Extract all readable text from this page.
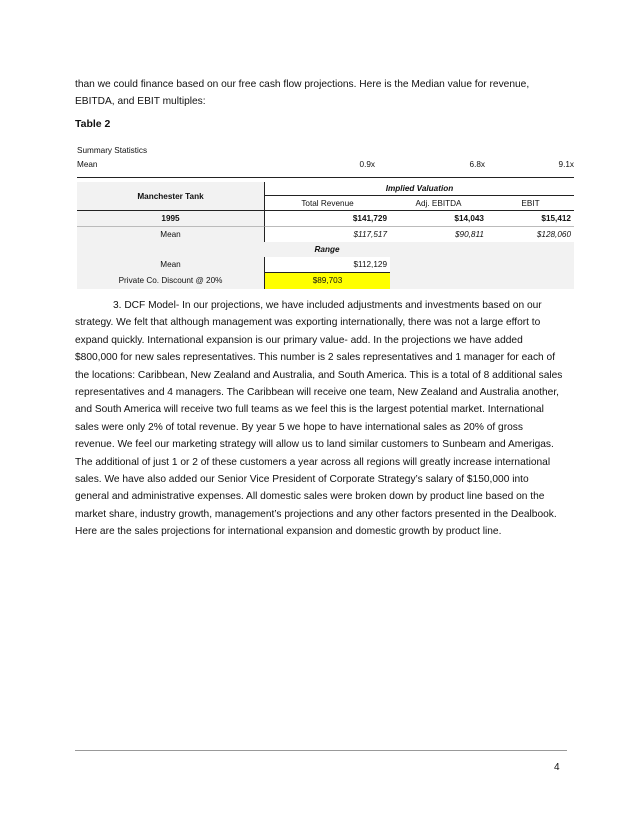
than we could finance based on our free cash flow projections. Here is the Median value for revenue, EBITDA, and EBIT multiples:
Table 2
Summary Statistics
Mean	0.9x	6.8x	9.1x
Manchester Tank
Implied Valuation
Total Revenue	Adj. EBITDA	EBIT
1995	$141,729	$14,043	$15,412
Mean	$117,517	$90,811	$128,060
Range
Mean	$112,129
Private Co. Discount @ 20%	$89,703
3. DCF Model- In our projections, we have included adjustments and investments based on our strategy. We felt that although management was exporting internationally, there was not a large effort to expand quickly. International expansion is our primary value- add. In the projections we have added $800,000 for new sales representatives. This number is 2 sales representatives and 1 manager for each of the locations: Caribbean, New Zealand and Australia, and South America. This is a total of 8 additional sales representatives and 4 managers. The Caribbean will receive one team, New Zealand and Australia another, and South America will receive two full teams as we feel this is the largest potential market. International sales were only 2% of total revenue. By year 5 we hope to have international sales as 20% of gross revenue. We feel our marketing strategy will allow us to land similar customers to Sunbeam and Amerigas. The additional of just 1 or 2 of these customers a year across all regions will greatly increase international sales. We have also added our Senior Vice President of Corporate Strategy’s salary of $150,000 into general and administrative expenses. All domestic sales were broken down by product line based on the market share, industry growth, management’s projections and any other factors presented in the Dealbook. Here are the sales projections for international expansion and domestic growth by product line.
4
